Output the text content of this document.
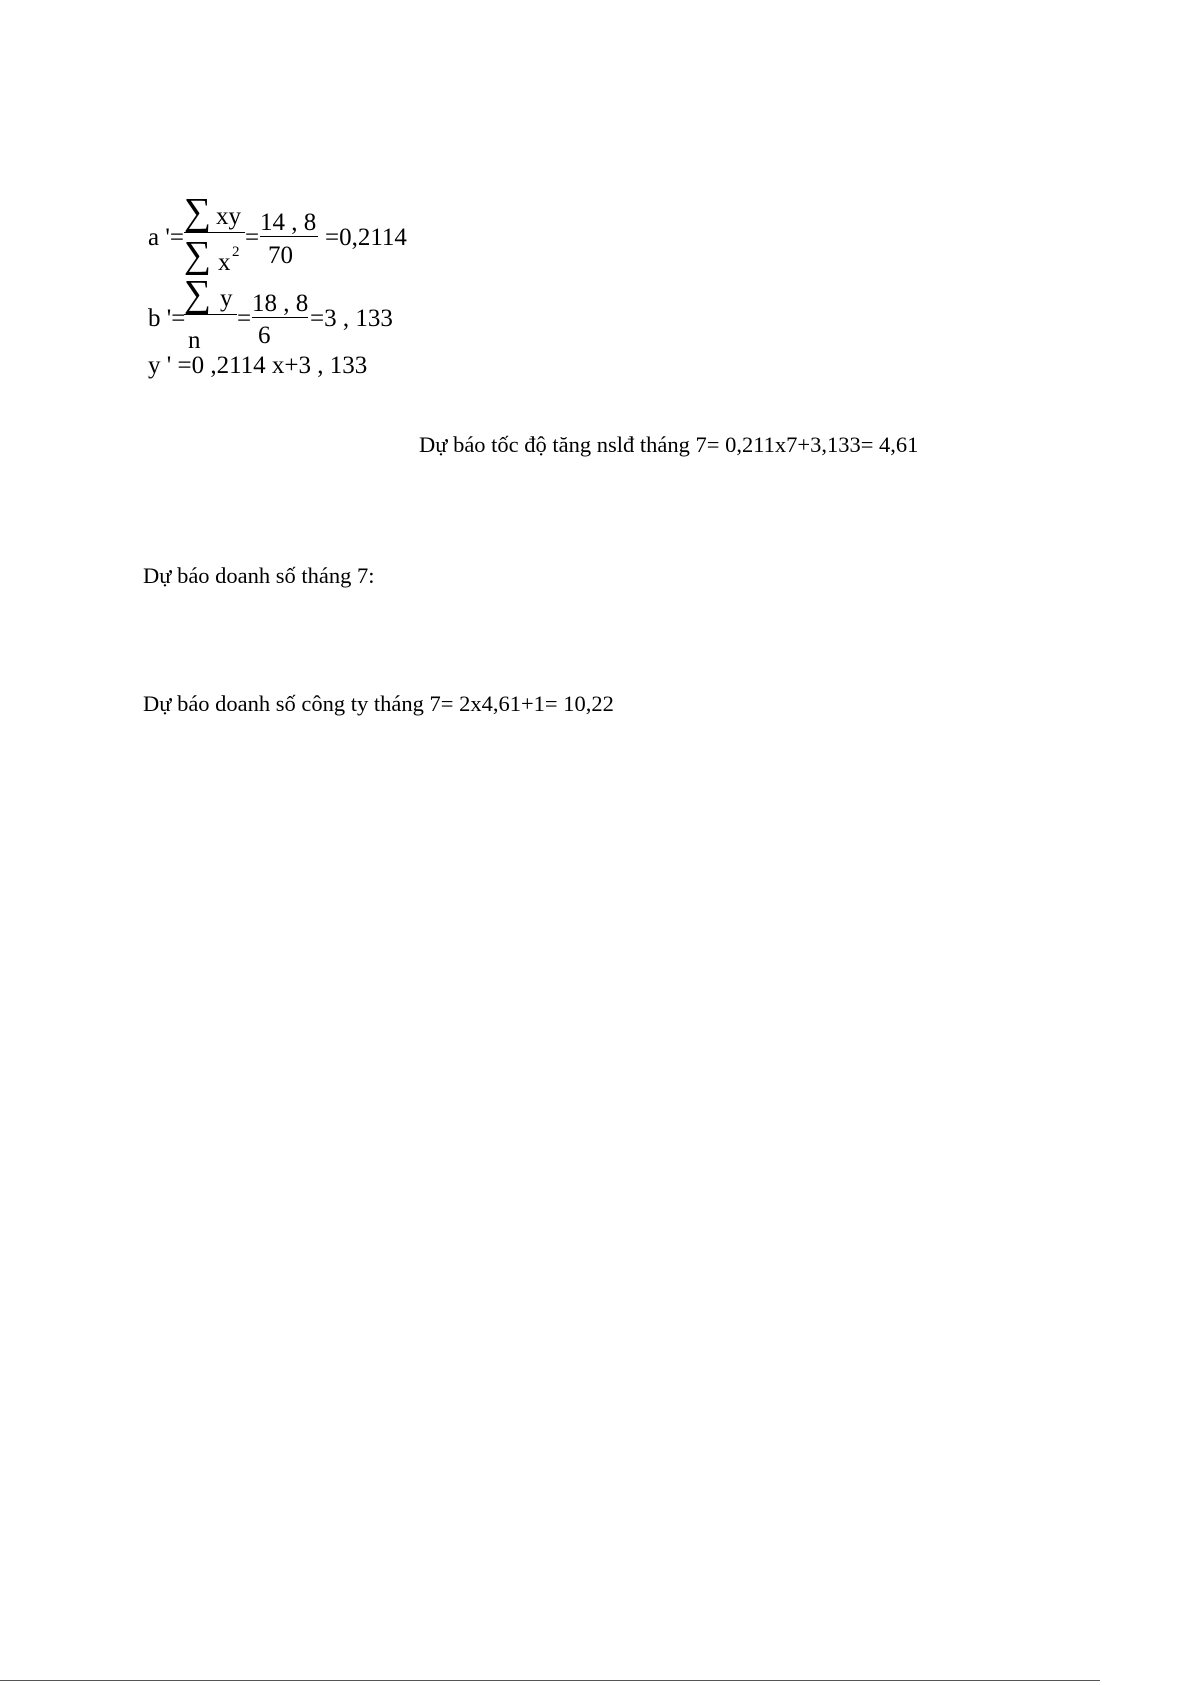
a '=
∑ xy
∑ x 2
=
14 , 8
70
=0,2114
b '=
∑ y
n
=
18 , 8
6
=3 , 133
y ' =0 ,2114 x+3 , 133
Dự báo tốc độ tăng nslđ tháng 7= 0,211x7+3,133= 4,61
Dự báo doanh số tháng 7:
Dự báo doanh số công ty tháng 7= 2x4,61+1= 10,22
